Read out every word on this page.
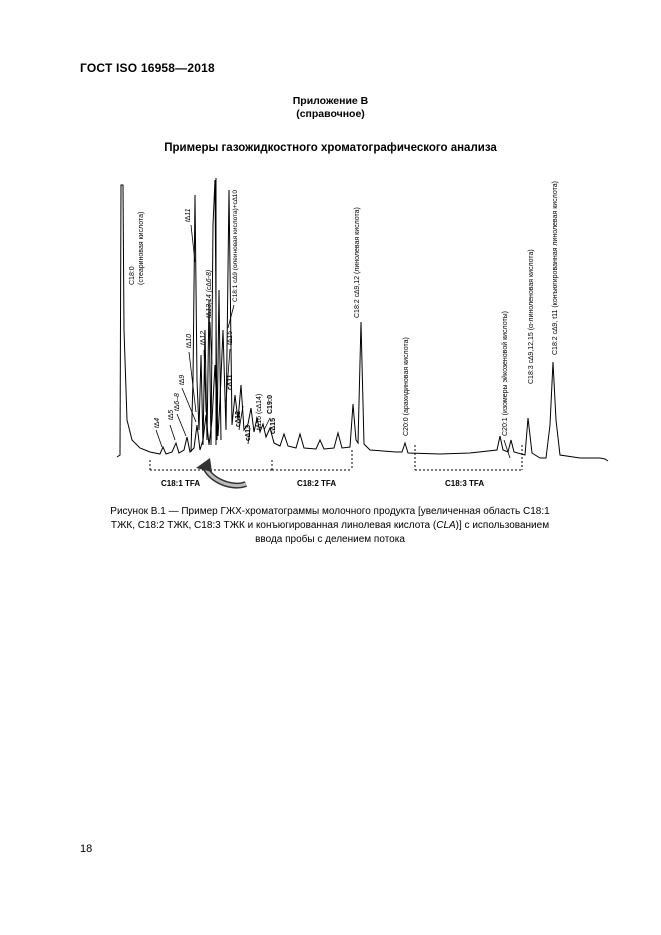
ГОСТ ISO 16958—2018
Приложение В
(справочное)
Примеры газожидкостного хроматографического анализа
C18:1 TFA	C18:2 TFA	C18:3 TFA
C18:0 (стеариновая кислота)
t∆4
t∆5
t∆6–8
t∆9
t∆10
t∆11
t∆12
t∆13,14 (c∆6-8)	C18:1 c∆9 (олеиновая кислота)+c∆10
c∆11
t∆15
c∆12
c∆13
t∆16 (c∆14) C19:0
c∆15
C18:2 c∆9,12 (линолевая кислота)
C20:0 (арахидиновая кислота)	C20:1 (изомеры эйкозеновой кислоты)	C18:3 c∆9,12,15 (α-линоленовая кислота) C18:2 c∆9, t11 (конъюгированная линолевая кислота)
Рисунок В.1 — Пример ГЖХ-хроматограммы молочного продукта [увеличенная область С18:1 ТЖК, С18:2 ТЖК, С18:3 ТЖК и конъюгированная линолевая кислота (CLA)] с использованием ввода пробы с делением потока
18
